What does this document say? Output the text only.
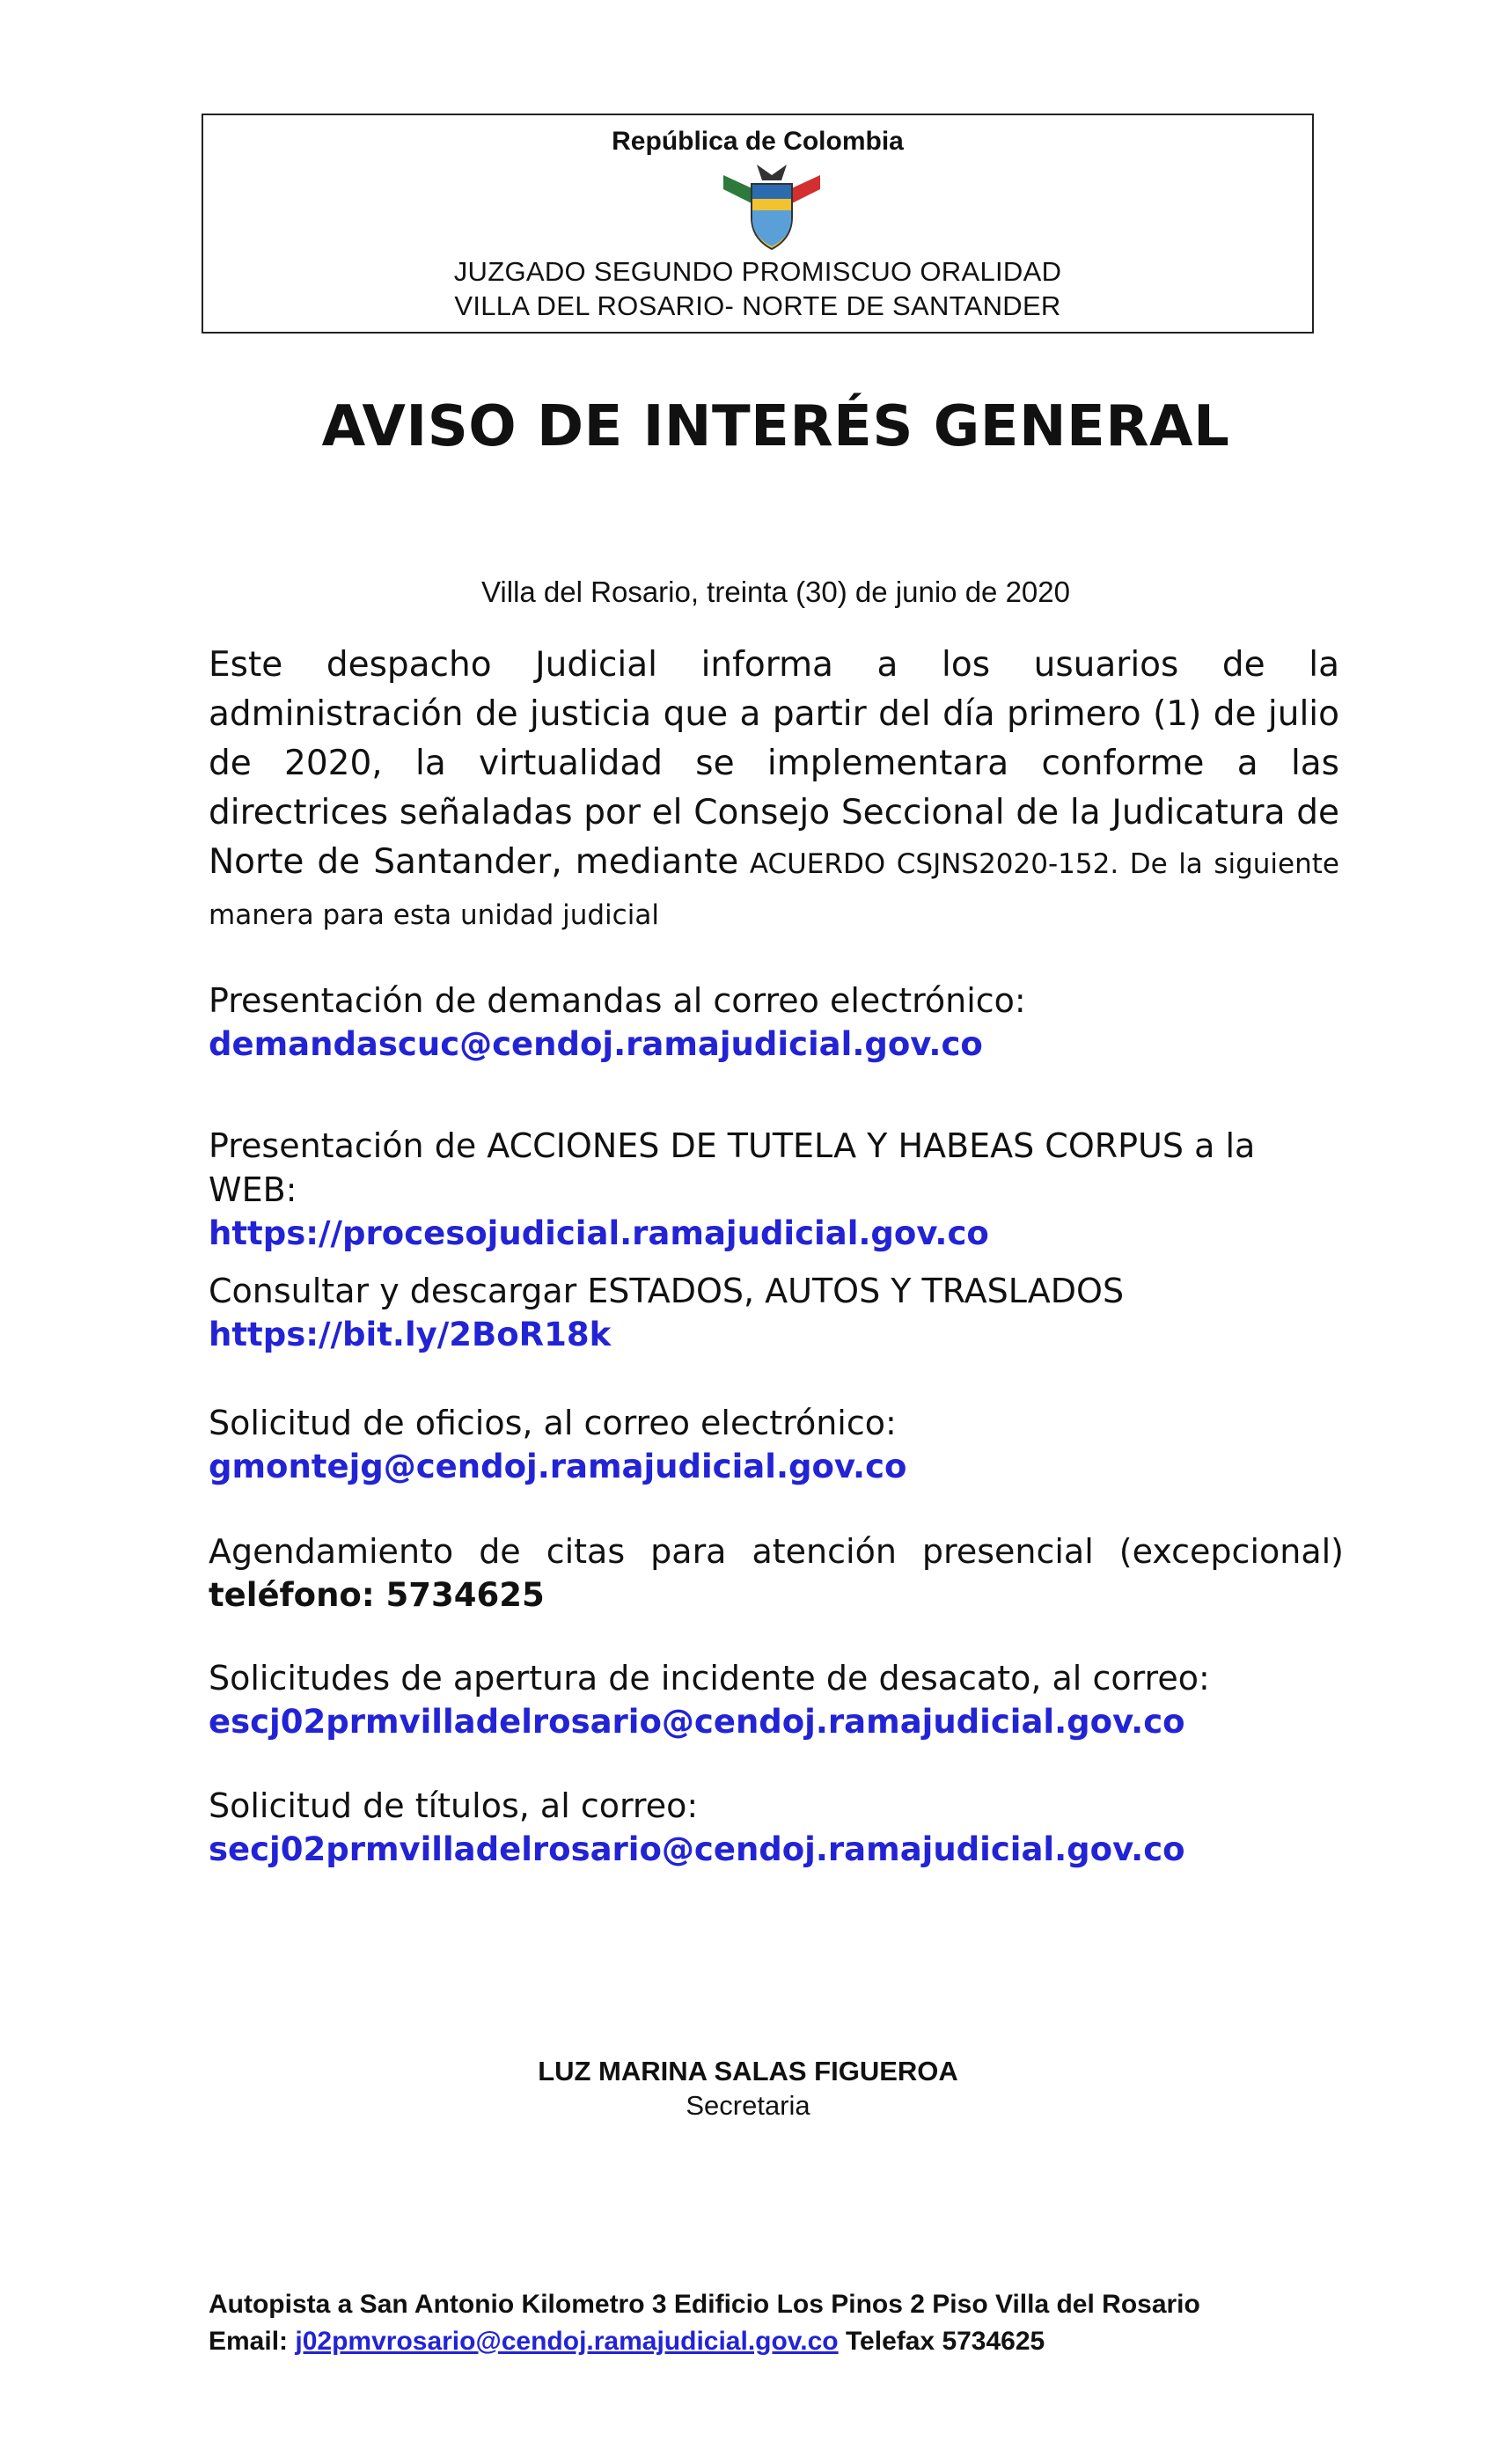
República de Colombia
JUZGADO SEGUNDO PROMISCUO ORALIDAD
VILLA DEL ROSARIO- NORTE DE SANTANDER
AVISO DE INTERÉS GENERAL
Villa del Rosario, treinta (30) de junio de 2020
Este despacho Judicial informa a los usuarios de la administración de justicia que a partir del día primero (1) de julio de 2020, la virtualidad se implementara conforme a las directrices señaladas por el Consejo Seccional de la Judicatura de Norte de Santander, mediante ACUERDO CSJNS2020-152. De la siguiente manera para esta unidad judicial
Presentación de demandas al correo electrónico:
demandascuc@cendoj.ramajudicial.gov.co
Presentación de ACCIONES DE TUTELA Y HABEAS CORPUS a la WEB:
https://procesojudicial.ramajudicial.gov.co
Consultar y descargar ESTADOS, AUTOS Y TRASLADOS
https://bit.ly/2BoR18k
Solicitud de oficios, al correo electrónico:
gmontejg@cendoj.ramajudicial.gov.co
Agendamiento de citas para atención presencial (excepcional)
teléfono: 5734625
Solicitudes de apertura de incidente de desacato, al correo:
escj02prmvilladelrosario@cendoj.ramajudicial.gov.co
Solicitud de títulos, al correo:
secj02prmvilladelrosario@cendoj.ramajudicial.gov.co
LUZ MARINA SALAS FIGUEROA
Secretaria
Autopista a San Antonio Kilometro 3 Edificio Los Pinos 2 Piso Villa del Rosario
Email: j02pmvrosario@cendoj.ramajudicial.gov.co Telefax 5734625
